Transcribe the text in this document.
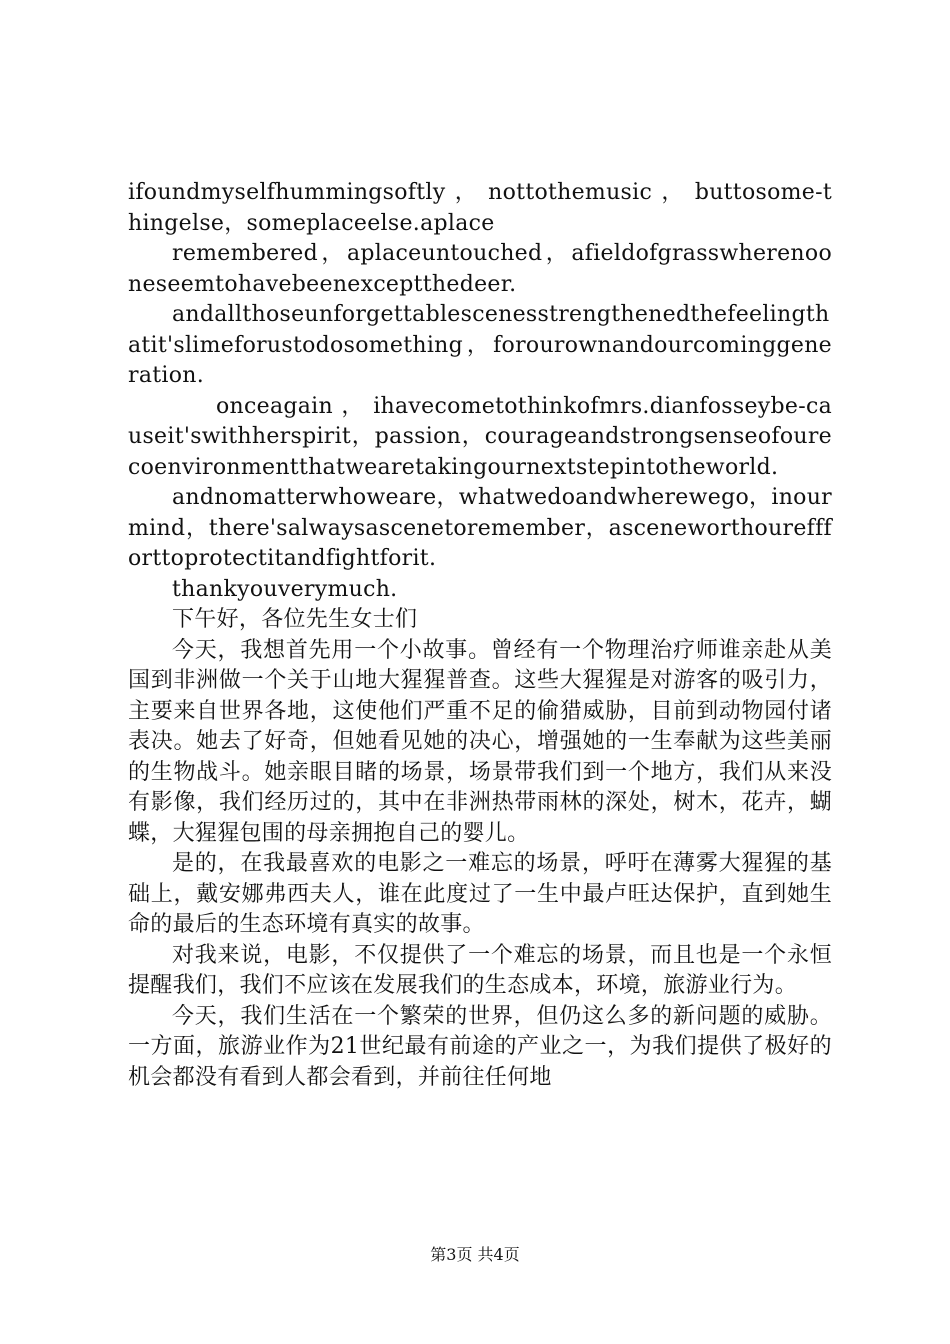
ifoundmyselfhummingsoftly ， nottothemusic ， buttosome-thingelse，someplaceelse.aplace

remembered，aplaceuntouched，afieldofgrasswherenooneseemtohavebeenexceptthedeer.

andallthoseunforgettablescenesstrengthenedthefeelingthatit'slimeforustodosomething，forourownandourcominggeneration.

onceagain ， ihavecometothinkofmrs.dianfosseybe-causeit'swithherspirit，passion，courageandstrongsenseofourecoenvironmentthatwearetakingournextstepintotheworld.

andnomatterwhoweare，whatwedoandwherewego，inourmind，there'salwaysascenetoremember，asceneworthoureffforttoprotectitandfightforit.

thankyouverymuch.

下午好，各位先生女士们

今天，我想首先用一个小故事。曾经有一个物理治疗师谁亲赴从美国到非洲做一个关于山地大猩猩普查。这些大猩猩是对游客的吸引力，主要来自世界各地，这使他们严重不足的偷猎威胁，目前到动物园付诸表决。她去了好奇，但她看见她的决心，增强她的一生奉献为这些美丽的生物战斗。她亲眼目睹的场景，场景带我们到一个地方，我们从来没有影像，我们经历过的，其中在非洲热带雨林的深处，树木，花卉，蝴蝶，大猩猩包围的母亲拥抱自己的婴儿。

是的，在我最喜欢的电影之一难忘的场景，呼吁在薄雾大猩猩的基础上，戴安娜弗西夫人，谁在此度过了一生中最卢旺达保护，直到她生命的最后的生态环境有真实的故事。

对我来说，电影，不仅提供了一个难忘的场景，而且也是一个永恒提醒我们，我们不应该在发展我们的生态成本，环境，旅游业行为。

今天，我们生活在一个繁荣的世界，但仍这么多的新问题的威胁。一方面，旅游业作为21世纪最有前途的产业之一，为我们提供了极好的机会都没有看到人都会看到，并前往任何地

第3页 共4页
